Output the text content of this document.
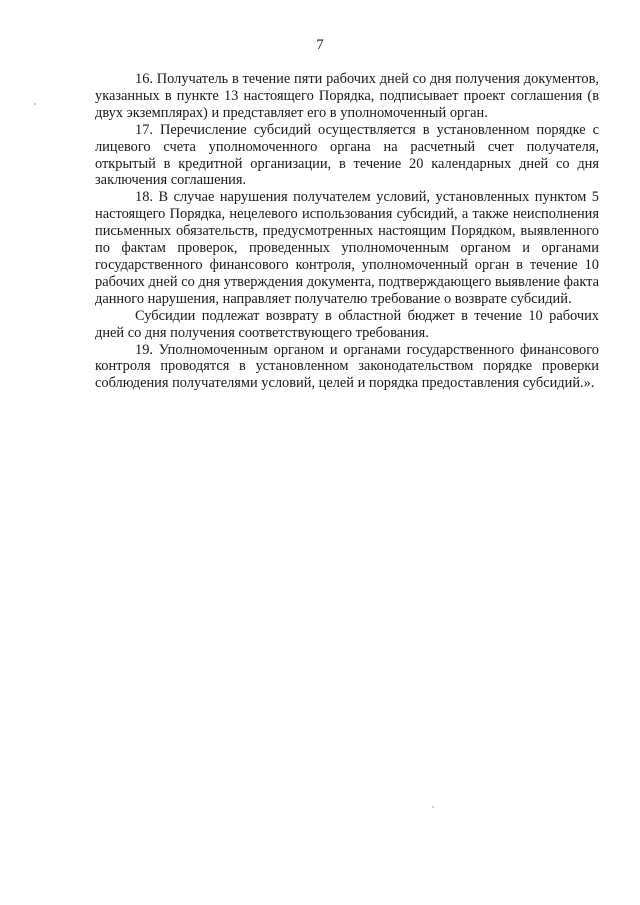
7

16. Получатель в течение пяти рабочих дней со дня получения документов, указанных в пункте 13 настоящего Порядка, подписывает проект соглашения (в двух экземплярах) и представляет его в уполномоченный орган.

17. Перечисление субсидий осуществляется в установленном порядке с лицевого счета уполномоченного органа на расчетный счет получателя, открытый в кредитной организации, в течение 20 календарных дней со дня заключения соглашения.

18. В случае нарушения получателем условий, установленных пунктом 5 настоящего Порядка, нецелевого использования субсидий, а также неисполнения письменных обязательств, предусмотренных настоящим Порядком, выявленного по фактам проверок, проведенных уполномоченным органом и органами государственного финансового контроля, уполномоченный орган в течение 10 рабочих дней со дня утверждения документа, подтверждающего выявление факта данного нарушения, направляет получателю требование о возврате субсидий.

Субсидии подлежат возврату в областной бюджет в течение 10 рабочих дней со дня получения соответствующего требования.

19. Уполномоченным органом и органами государственного финансового контроля проводятся в установленном законодательством порядке проверки соблюдения получателями условий, целей и порядка предоставления субсидий.».
